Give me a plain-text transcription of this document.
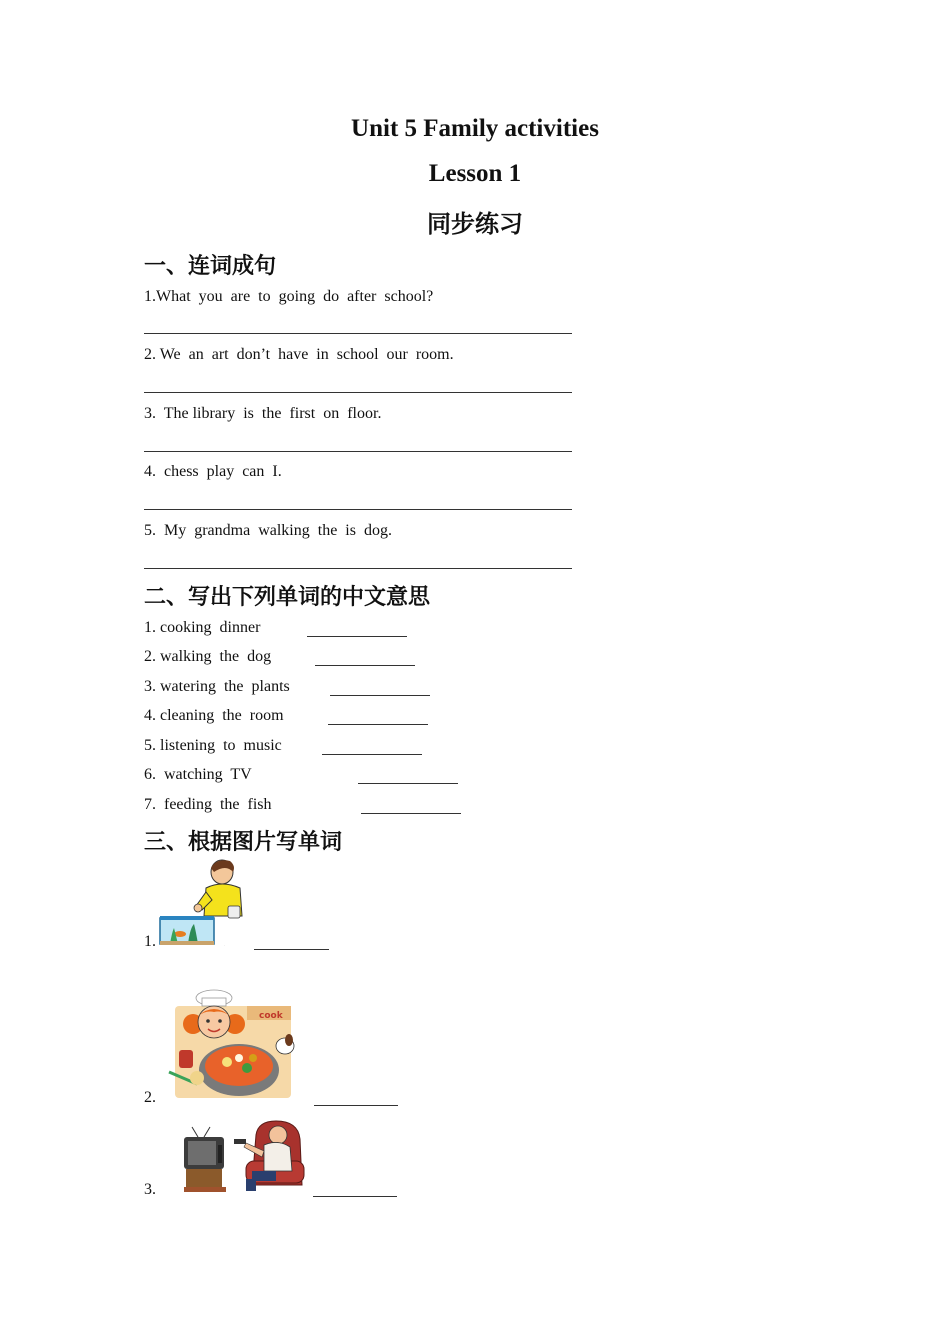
Unit 5 Family activities
Lesson 1
同步练习
一、连词成句
1.What  you  are  to  going  do  after  school?
2. We  an  art  don’t  have  in  school  our  room.
3.  The library  is  the  first  on  floor.
4.  chess  play  can  I.
5.  My  grandma  walking  the  is  dog.
二、写出下列单词的中文意思
1. cooking  dinner
2. walking  the  dog
3. watering  the  plants
4. cleaning  the  room
5. listening  to  music
6.  watching  TV
7.  feeding  the  fish
三、根据图片写单词
1.	.
2.
cook
3.
